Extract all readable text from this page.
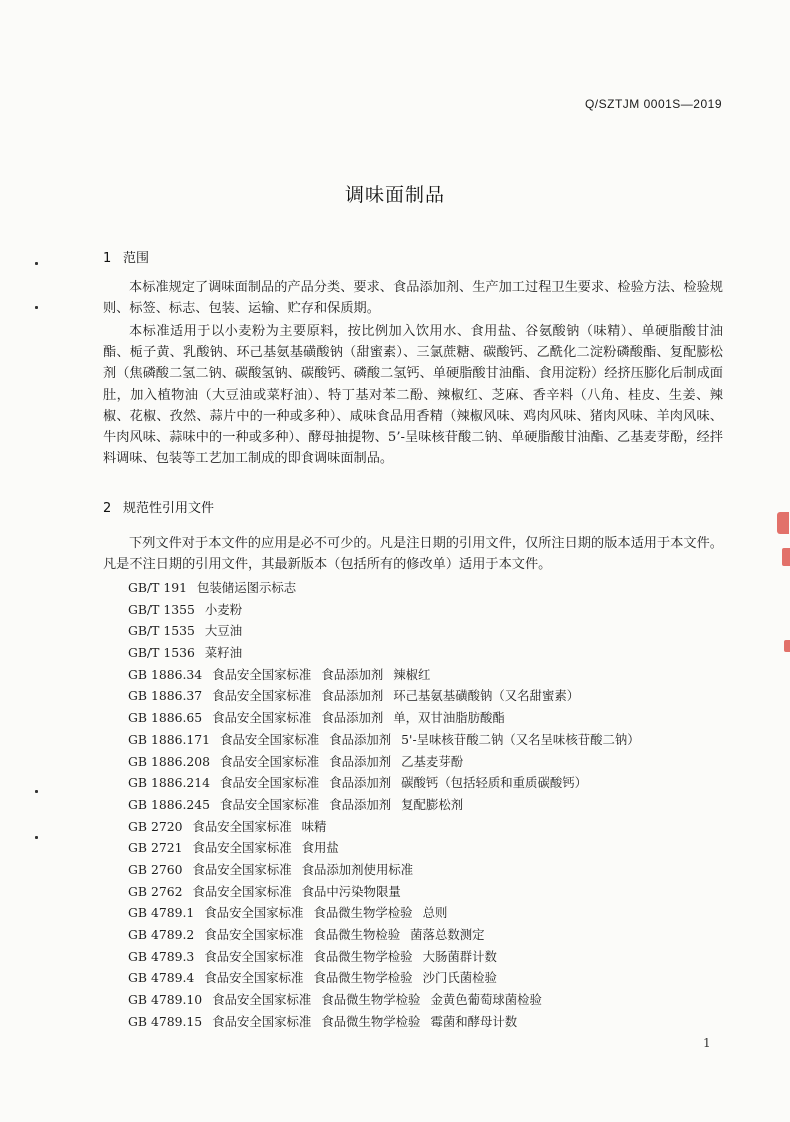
Q/SZTJM 0001S—2019
调味面制品
1 范围

本标准规定了调味面制品的产品分类、要求、食品添加剂、生产加工过程卫生要求、检验方法、检验规则、标签、标志、包装、运输、贮存和保质期。

本标准适用于以小麦粉为主要原料，按比例加入饮用水、食用盐、谷氨酸钠（味精）、单硬脂酸甘油酯、栀子黄、乳酸钠、环己基氨基磺酸钠（甜蜜素）、三氯蔗糖、碳酸钙、乙酰化二淀粉磷酸酯、复配膨松剂（焦磷酸二氢二钠、碳酸氢钠、碳酸钙、磷酸二氢钙、单硬脂酸甘油酯、食用淀粉）经挤压膨化后制成面肚，加入植物油（大豆油或菜籽油）、特丁基对苯二酚、辣椒红、芝麻、香辛料（八角、桂皮、生姜、辣椒、花椒、孜然、蒜片中的一种或多种）、咸味食品用香精（辣椒风味、鸡肉风味、猪肉风味、羊肉风味、牛肉风味、蒜味中的一种或多种）、酵母抽提物、5’-呈味核苷酸二钠、单硬脂酸甘油酯、乙基麦芽酚，经拌料调味、包装等工艺加工制成的即食调味面制品。

2 规范性引用文件

下列文件对于本文件的应用是必不可少的。凡是注日期的引用文件，仅所注日期的版本适用于本文件。凡是不注日期的引用文件，其最新版本（包括所有的修改单）适用于本文件。

GB/T 191 包装储运图示标志
GB/T 1355 小麦粉
GB/T 1535 大豆油
GB/T 1536 菜籽油
GB 1886.34 食品安全国家标准 食品添加剂 辣椒红
GB 1886.37 食品安全国家标准 食品添加剂 环己基氨基磺酸钠（又名甜蜜素）
GB 1886.65 食品安全国家标准 食品添加剂 单，双甘油脂肪酸酯
GB 1886.171 食品安全国家标准 食品添加剂 5'-呈味核苷酸二钠（又名呈味核苷酸二钠）
GB 1886.208 食品安全国家标准 食品添加剂 乙基麦芽酚
GB 1886.214 食品安全国家标准 食品添加剂 碳酸钙（包括轻质和重质碳酸钙）
GB 1886.245 食品安全国家标准 食品添加剂 复配膨松剂
GB 2720 食品安全国家标准 味精
GB 2721 食品安全国家标准 食用盐
GB 2760 食品安全国家标准 食品添加剂使用标准
GB 2762 食品安全国家标准 食品中污染物限量
GB 4789.1 食品安全国家标准 食品微生物学检验 总则
GB 4789.2 食品安全国家标准 食品微生物检验 菌落总数测定
GB 4789.3 食品安全国家标准 食品微生物学检验 大肠菌群计数
GB 4789.4 食品安全国家标准 食品微生物学检验 沙门氏菌检验
GB 4789.10 食品安全国家标准 食品微生物学检验 金黄色葡萄球菌检验
GB 4789.15 食品安全国家标准 食品微生物学检验 霉菌和酵母计数
1
